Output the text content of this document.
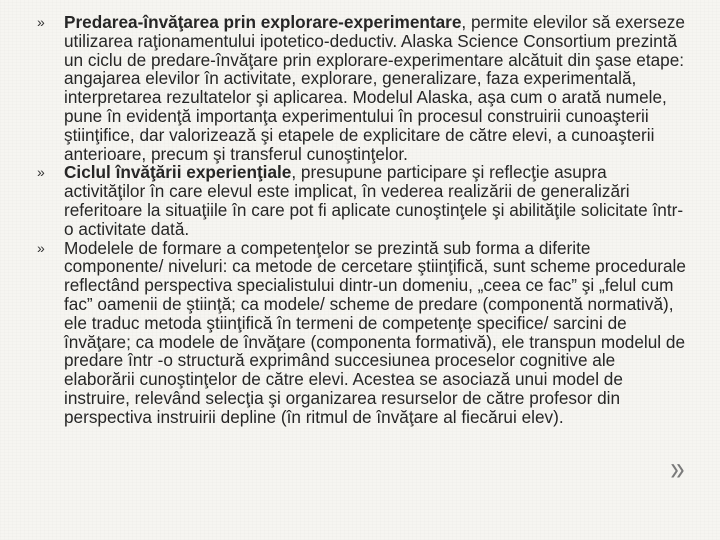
» Predarea-învăţarea prin explorare-experimentare, permite elevilor să exerseze utilizarea raţionamentului ipotetico-deductiv. Alaska Science Consortium prezintă un ciclu de predare-învăţare prin explorare-experimentare alcătuit din şase etape: angajarea elevilor în activitate, explorare, generalizare, faza experimentală, interpretarea rezultatelor şi aplicarea. Modelul Alaska, aşa cum o arată numele, pune în evidenţă importanţa experimentului în procesul construirii cunoaşterii ştiinţifice, dar valorizează şi etapele de explicitare de către elevi, a cunoaşterii anterioare, precum şi transferul cunoştinţelor.

» Ciclul învăţării experienţiale, presupune participare şi reflecţie asupra activităţilor în care elevul este implicat, în vederea realizării de generalizări referitoare la situaţiile în care pot fi aplicate cunoştinţele şi abilităţile solicitate într-o activitate dată.

» Modelele de formare a competenţelor se prezintă sub forma a diferite componente/ niveluri: ca metode de cercetare ştiinţifică, sunt scheme procedurale reflectând perspectiva specialistului dintr-un domeniu, „ceea ce fac” şi „felul cum fac” oamenii de ştiinţă; ca modele/ scheme de predare (componentă normativă), ele traduc metoda ştiinţifică în termeni de competenţe specifice/ sarcini de învăţare; ca modele de învăţare (componenta formativă), ele transpun modelul de predare într -o structură exprimând succesiunea proceselor cognitive ale elaborării cunoştinţelor de către elevi. Acestea se asociază unui model de instruire, relevând selecţia şi organizarea resurselor de către profesor din perspectiva instruirii depline (în ritmul de învăţare al fiecărui elev).

»
